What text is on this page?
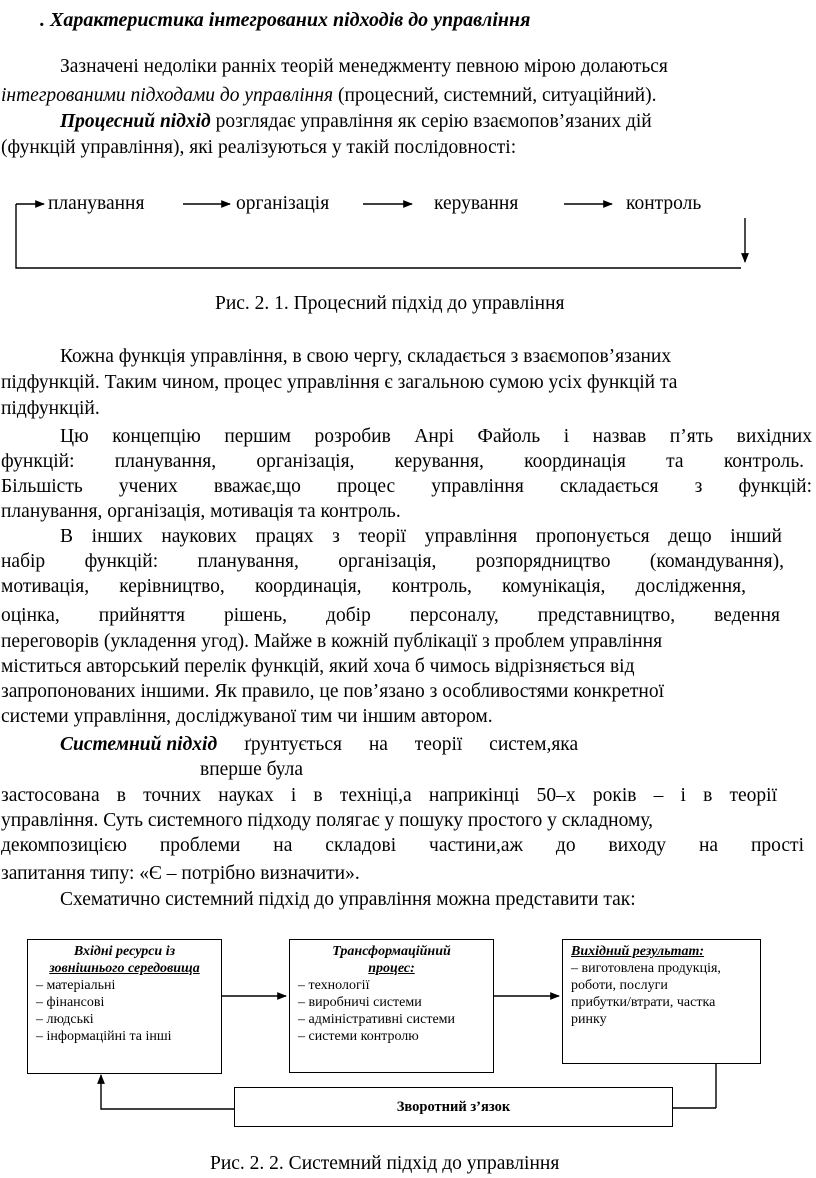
. Характеристика інтегрованих підходів до управління
Зазначені недоліки ранніх теорій менеджменту певною мірою долаються
інтегрованими підходами до управління (процесний, системний, ситуаційний).
Процесний підхід розглядає управління як серію взаємопов’язаних дій
(функцій управління), які реалізуються у такій послідовності:
планування	організація	керування	контроль
Рис. 2. 1. Процесний підхід до управління
Кожна функція управління, в свою чергу, складається з взаємопов’язаних
підфункцій. Таким чином, процес управління є загальною сумою усіх функцій та
підфункцій.
Цю концепцію першим розробив Анрі Файоль і назвав п’ять вихідних
функцій: планування, організація, керування, координація та контроль.
Більшість учених вважає,що процес управління складається з функцій:
планування, організація, мотивація та контроль.
В інших наукових працях з теорії управління пропонується дещо інший
набір функцій: планування, організація, розпорядництво (командування),
мотивація, керівництво, координація, контроль, комунікація, дослідження,
оцінка, прийняття рішень, добір персоналу, представництво, ведення
переговорів (укладення угод). Майже в кожній публікації з проблем управління
міститься авторський перелік функцій, який хоча б чимось відрізняється від
запропонованих іншими. Як правило, це пов’язано з особливостями конкретної
системи управління, досліджуваної тим чи іншим автором.
Системний підхід ґрунтується на теорії систем,яка
вперше була
застосована в точних науках і в техніці,а наприкінці 50–х років – і в теорії
управління. Суть системного підходу полягає у пошуку простого у складному,
декомпозицією проблеми на складові частини,аж до виходу на прості
запитання типу: «Є – потрібно визначити».
Схематично системний підхід до управління можна представити так:
Вхідні ресурси із
зовнішнього середовища
– матеріальні
– фінансові
– людські
– інформаційні та інші
Трансформаційний
процес:
– технології
– виробничі системи
– адміністративні системи
– системи контролю
Вихідний результат:
– виготовлена продукція,
роботи, послуги
прибутки/втрати, частка
ринку
Зворотний з’язок
Рис. 2. 2. Системний підхід до управління
